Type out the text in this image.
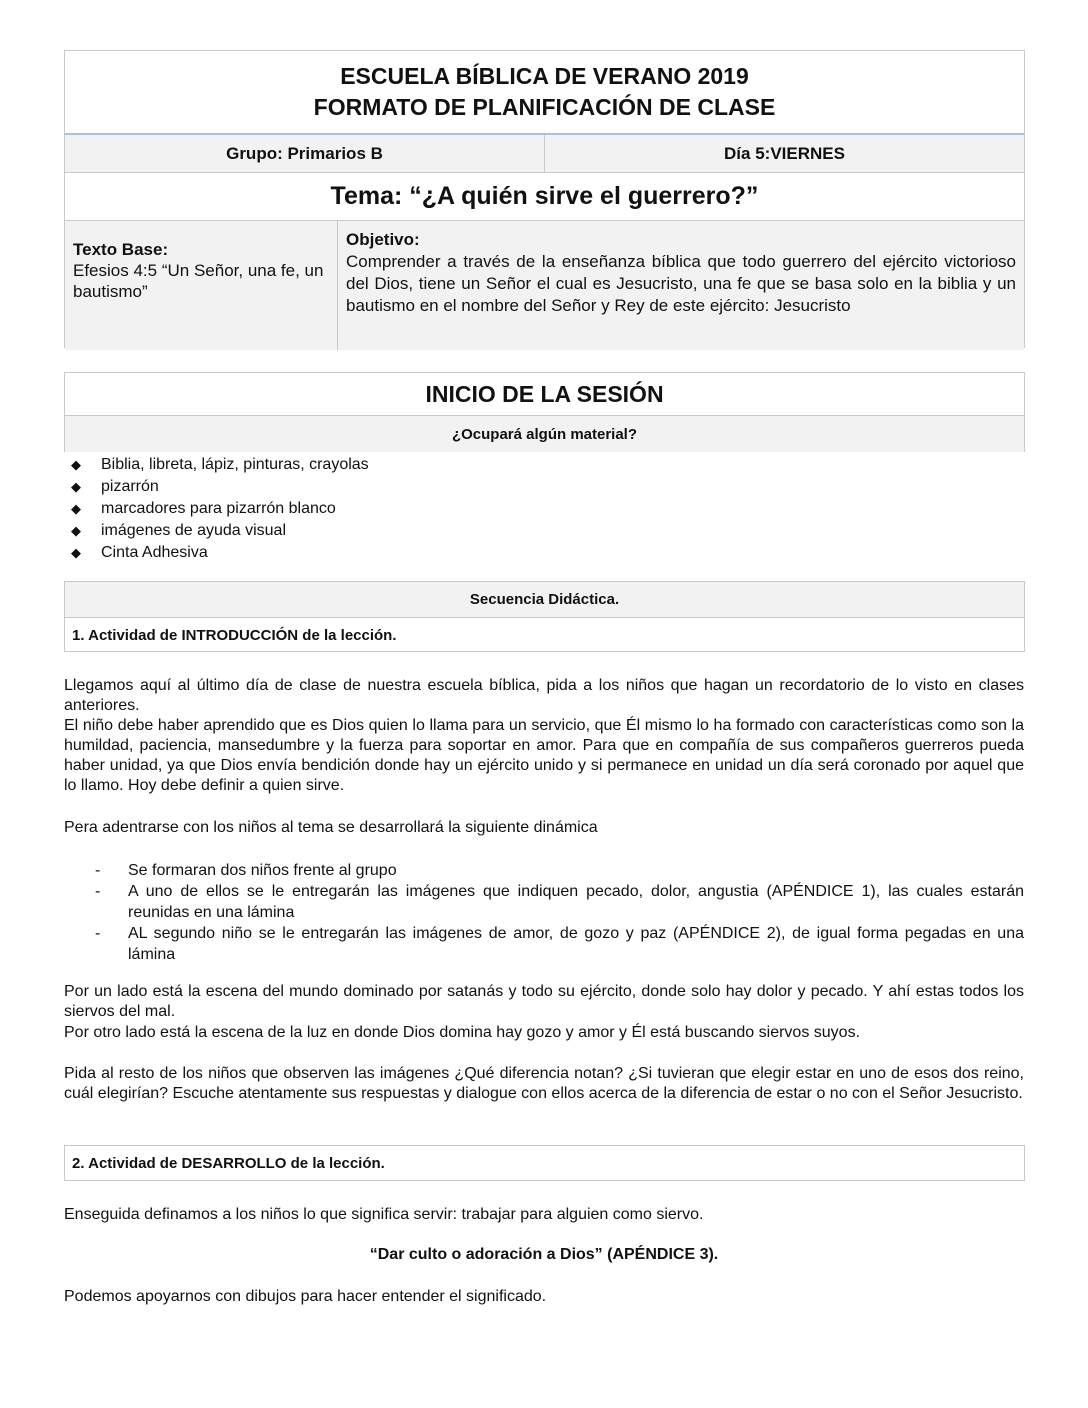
ESCUELA BÍBLICA DE VERANO 2019
FORMATO DE PLANIFICACIÓN DE CLASE
Grupo: Primarios B	Día 5:VIERNES
Tema: “¿A quién sirve el guerrero?”
Texto Base:
Efesios 4:5 “Un Señor, una fe, un bautismo”
Objetivo:
Comprender a través de la enseñanza bíblica que todo guerrero del ejército victorioso del Dios, tiene un Señor el cual es Jesucristo, una fe que se basa solo en la biblia y un bautismo en el nombre del Señor y Rey de este ejército: Jesucristo
INICIO DE LA SESIÓN
¿Ocupará algún material?
◆ Biblia, libreta, lápiz, pinturas, crayolas
◆ pizarrón
◆ marcadores para pizarrón blanco
◆ imágenes de ayuda visual
◆ Cinta Adhesiva
Secuencia Didáctica.
1. Actividad de INTRODUCCIÓN de la lección.
Llegamos aquí al último día de clase de nuestra escuela bíblica, pida a los niños que hagan un recordatorio de lo visto en clases anteriores.
El niño debe haber aprendido que es Dios quien lo llama para un servicio, que Él mismo lo ha formado con características como son la humildad, paciencia, mansedumbre y la fuerza para soportar en amor. Para que en compañía de sus compañeros guerreros pueda haber unidad, ya que Dios envía bendición donde hay un ejército unido y si permanece en unidad un día será coronado por aquel que lo llamo. Hoy debe definir a quien sirve.
Pera adentrarse con los niños al tema se desarrollará la siguiente dinámica
- Se formaran dos niños frente al grupo
- A uno de ellos se le entregarán las imágenes que indiquen pecado, dolor, angustia (APÉNDICE 1), las cuales estarán reunidas en una lámina
- AL segundo niño se le entregarán las imágenes de amor, de gozo y paz (APÉNDICE 2), de igual forma pegadas en una lámina
Por un lado está la escena del mundo dominado por satanás y todo su ejército, donde solo hay dolor y pecado. Y ahí estas todos los siervos del mal.
Por otro lado está la escena de la luz en donde Dios domina hay gozo y amor y Él está buscando siervos suyos.
Pida al resto de los niños que observen las imágenes ¿Qué diferencia notan? ¿Si tuvieran que elegir estar en uno de esos dos reino, cuál elegirían? Escuche atentamente sus respuestas y dialogue con ellos acerca de la diferencia de estar o no con el Señor Jesucristo.
2. Actividad de DESARROLLO de la lección.
Enseguida definamos a los niños lo que significa servir: trabajar para alguien como siervo.
“Dar culto o adoración a Dios” (APÉNDICE 3).
Podemos apoyarnos con dibujos para hacer entender el significado.
